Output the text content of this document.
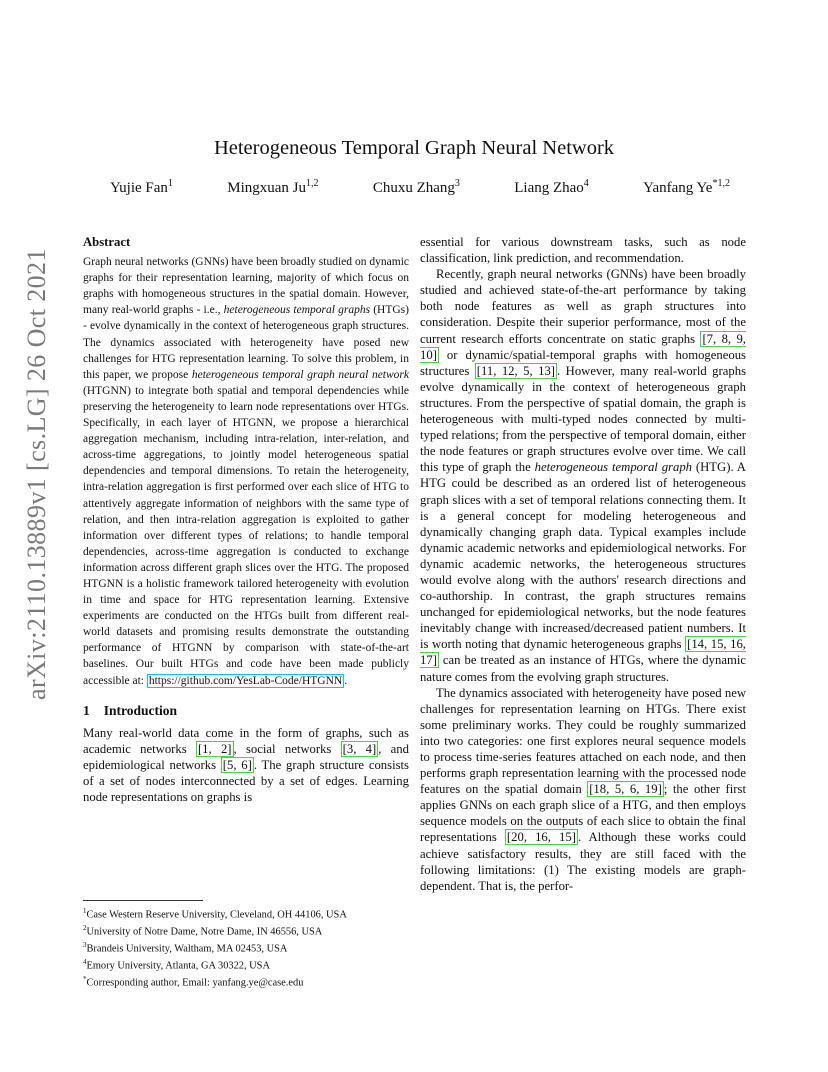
arXiv:2110.13889v1 [cs.LG] 26 Oct 2021
Heterogeneous Temporal Graph Neural Network
Yujie Fan$^1$	Mingxuan Ju$^{1,2}$	Chuxu Zhang$^3$	Liang Zhao$^4$	Yanfang Ye$^{*1,2}$
Abstract

Graph neural networks (GNNs) have been broadly studied on dynamic graphs for their representation learning, majority of which focus on graphs with homogeneous structures in the spatial domain. However, many real-world graphs - i.e., heterogeneous temporal graphs (HTGs) - evolve dynamically in the context of heterogeneous graph structures. The dynamics associated with heterogeneity have posed new challenges for HTG representation learning. To solve this problem, in this paper, we propose heterogeneous temporal graph neural network (HTGNN) to integrate both spatial and temporal dependencies while preserving the heterogeneity to learn node representations over HTGs. Specifically, in each layer of HTGNN, we propose a hierarchical aggregation mechanism, including intra-relation, inter-relation, and across-time aggregations, to jointly model heterogeneous spatial dependencies and temporal dimensions. To retain the heterogeneity, intra-relation aggregation is first performed over each slice of HTG to attentively aggregate information of neighbors with the same type of relation, and then intra-relation aggregation is exploited to gather information over different types of relations; to handle temporal dependencies, across-time aggregation is conducted to exchange information across different graph slices over the HTG. The proposed HTGNN is a holistic framework tailored heterogeneity with evolution in time and space for HTG representation learning. Extensive experiments are conducted on the HTGs built from different real-world datasets and promising results demonstrate the outstanding performance of HTGNN by comparison with state-of-the-art baselines. Our built HTGs and code have been made publicly accessible at: https://github.com/YesLab-Code/HTGNN .

1 Introduction

Many real-world data come in the form of graphs, such as academic networks [1, 2] , social networks [3, 4] , and epidemiological networks [5, 6] . The graph structure consists of a set of nodes interconnected by a set of edges. Learning node representations on graphs is

essential for various downstream tasks, such as node classification, link prediction, and recommendation.

Recently, graph neural networks (GNNs) have been broadly studied and achieved state-of-the-art performance by taking both node features as well as graph structures into consideration. Despite their superior performance, most of the current research efforts concentrate on static graphs [7, 8, 9, 10] or dynamic/spatial-temporal graphs with homogeneous structures [11, 12, 5, 13] . However, many real-world graphs evolve dynamically in the context of heterogeneous graph structures. From the perspective of spatial domain, the graph is heterogeneous with multi-typed nodes connected by multi-typed relations; from the perspective of temporal domain, either the node features or graph structures evolve over time. We call this type of graph the heterogeneous temporal graph (HTG). A HTG could be described as an ordered list of heterogeneous graph slices with a set of temporal relations connecting them. It is a general concept for modeling heterogeneous and dynamically changing graph data. Typical examples include dynamic academic networks and epidemiological networks. For dynamic academic networks, the heterogeneous structures would evolve along with the authors' research directions and co-authorship. In contrast, the graph structures remains unchanged for epidemiological networks, but the node features inevitably change with increased/decreased patient numbers. It is worth noting that dynamic heterogeneous graphs [14, 15, 16, 17] can be treated as an instance of HTGs, where the dynamic nature comes from the evolving graph structures.

The dynamics associated with heterogeneity have posed new challenges for representation learning on HTGs. There exist some preliminary works. They could be roughly summarized into two categories: one first explores neural sequence models to process time-series features attached on each node, and then performs graph representation learning with the processed node features on the spatial domain [18, 5, 6, 19] ; the other first applies GNNs on each graph slice of a HTG, and then employs sequence models on the outputs of each slice to obtain the final representations [20, 16, 15] . Although these works could achieve satisfactory results, they are still faced with the following limitations: (1) The existing models are graph-dependent. That is, the perfor-

$^1$Case Western Reserve University, Cleveland, OH 44106, USA
$^2$University of Notre Dame, Notre Dame, IN 46556, USA
$^3$Brandeis University, Waltham, MA 02453, USA
$^4$Emory University, Atlanta, GA 30322, USA
*Corresponding author, Email: yanfang.ye@case.edu
